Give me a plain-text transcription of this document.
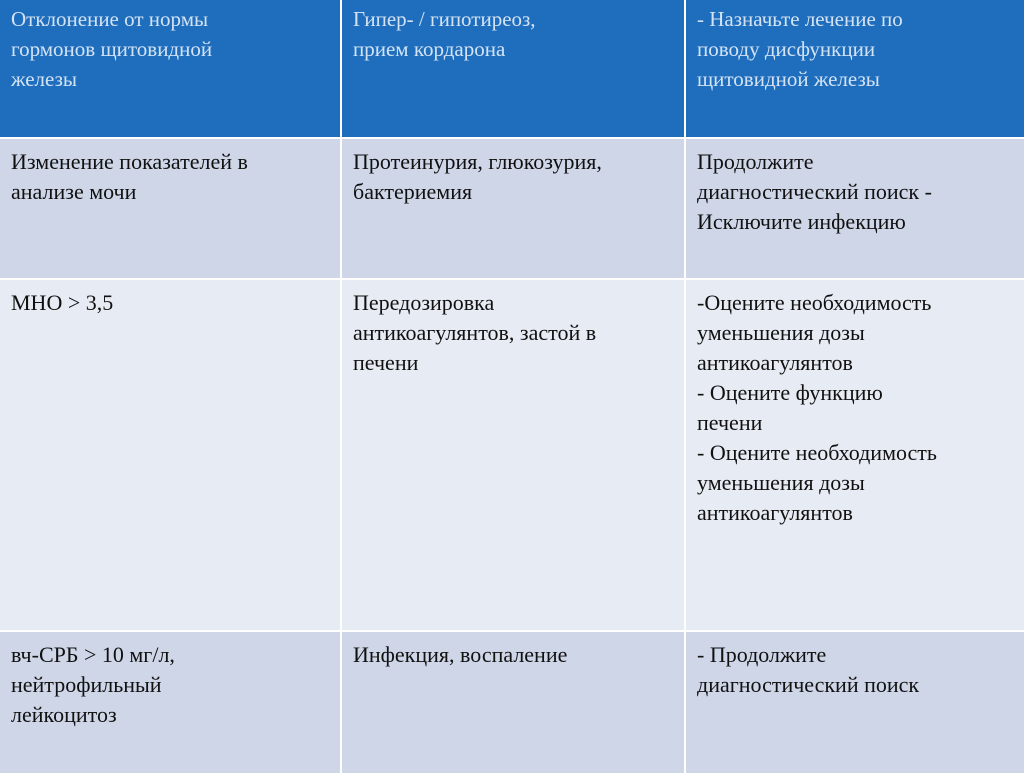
Отклонение от нормы
гормонов щитовидной
железы
Гипер- / гипотиреоз,
прием кордарона
- Назначьте лечение по
поводу дисфункции
щитовидной железы
Изменение показателей в
анализе мочи
Протеинурия, глюкозурия,
бактериемия
Продолжите
диагностический поиск -
Исключите инфекцию
МНО > 3,5	Передозировка
антикоагулянтов, застой в
печени
-Оцените необходимость
уменьшения дозы
антикоагулянтов
- Оцените функцию
печени
- Оцените необходимость
уменьшения дозы
антикоагулянтов
вч-СРБ > 10 мг/л,
нейтрофильный
лейкоцитоз
Инфекция, воспаление	- Продолжите
диагностический поиск
